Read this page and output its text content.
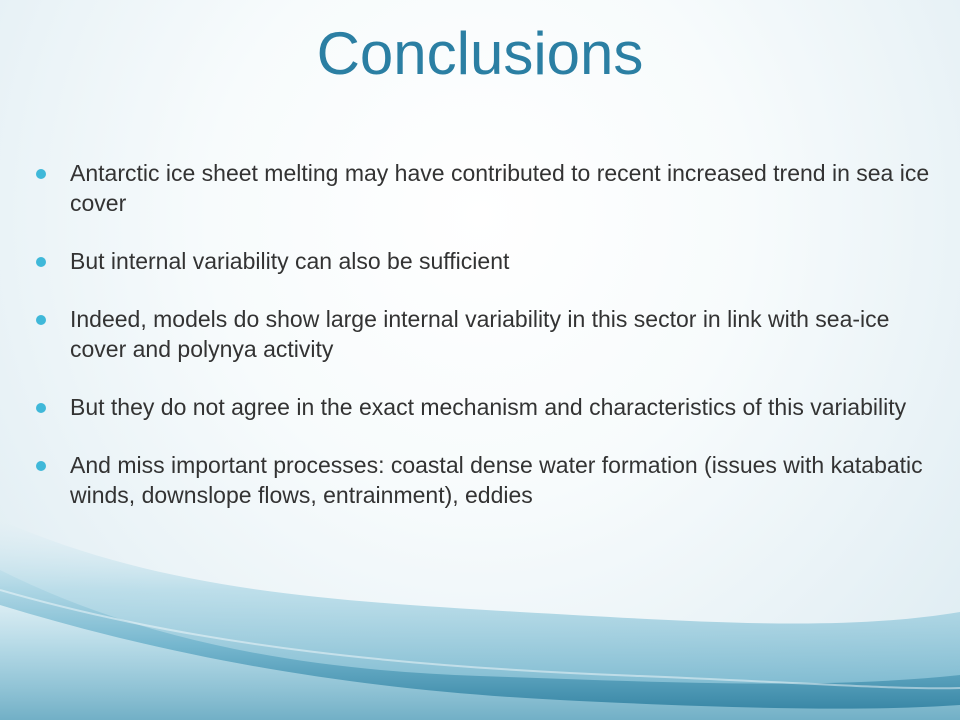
Conclusions
Antarctic ice sheet melting may have contributed to recent increased trend in sea ice cover
But internal variability can also be sufficient
Indeed, models do show large internal variability in this sector in link with sea-ice cover and polynya activity
But they do not agree in the exact mechanism and characteristics of this variability
And miss important processes: coastal dense water formation (issues with katabatic winds, downslope flows, entrainment), eddies
